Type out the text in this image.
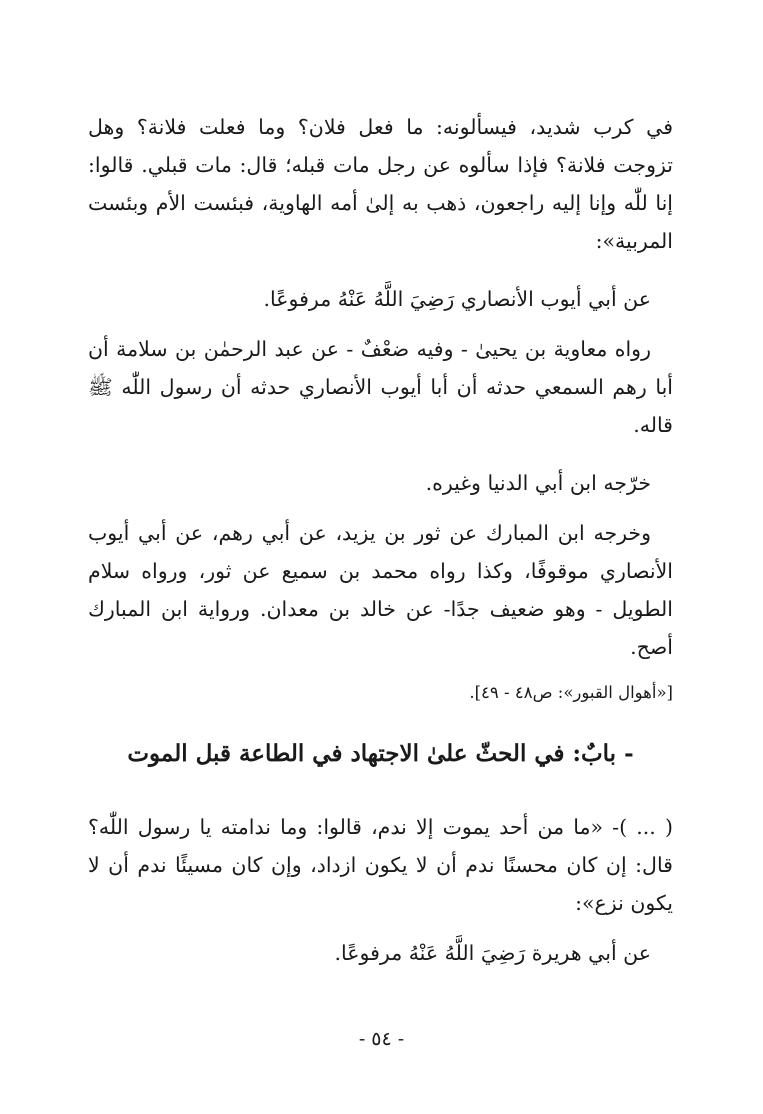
في كرب شديد، فيسألونه: ما فعل فلان؟ وما فعلت فلانة؟ وهل تزوجت فلانة؟ فإذا سألوه عن رجل مات قبله؛ قال: مات قبلي. قالوا: إنا للّٰه وإنا إليه راجعون، ذهب به إلىٰ أمه الهاوية، فبئست الأم وبئست المربية»:

عن أبي أيوب الأنصاري رَضِيَ اللَّهُ عَنْهُ مرفوعًا.

رواه معاوية بن يحيىٰ - وفيه ضعْفٌ - عن عبد الرحمٰن بن سلامة أن أبا رهم السمعي حدثه أن أبا أيوب الأنصاري حدثه أن رسول اللّٰه ﷺ قاله.

خرّجه ابن أبي الدنيا وغيره.

وخرجه ابن المبارك عن ثور بن يزيد، عن أبي رهم، عن أبي أيوب الأنصاري موقوفًا، وكذا رواه محمد بن سميع عن ثور، ورواه سلام الطويل - وهو ضعيف جدًا- عن خالد بن معدان. ورواية ابن المبارك أصح.

[«أهوال القبور»: ص٤٨ - ٤٩].

- بابٌ: في الحثّ علىٰ الاجتهاد في الطاعة قبل الموت

( ... )- «ما من أحد يموت إلا ندم، قالوا: وما ندامته يا رسول اللّٰه؟ قال: إن كان محسنًا ندم أن لا يكون ازداد، وإن كان مسيئًا ندم أن لا يكون نزع»:

عن أبي هريرة رَضِيَ اللَّهُ عَنْهُ مرفوعًا.

- ٥٤ -
